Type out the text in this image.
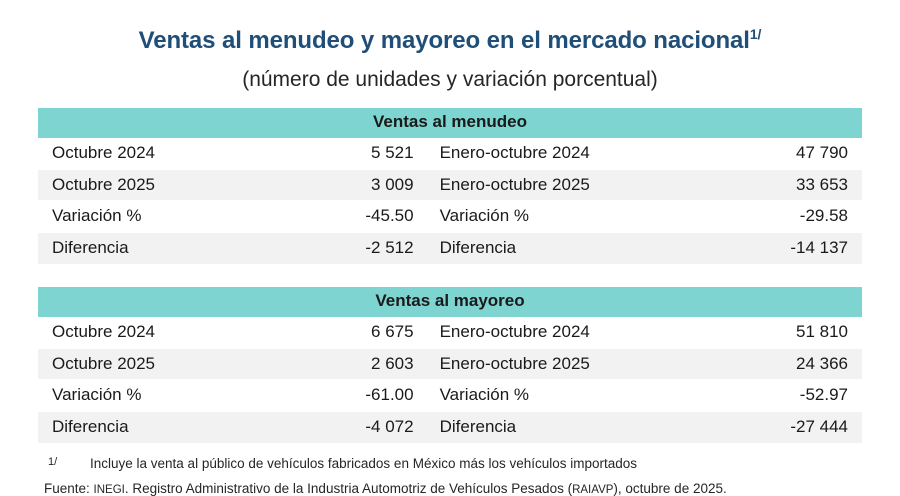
Ventas al menudeo y mayoreo en el mercado nacional$^{1/}$
(número de unidades y variación porcentual)
Ventas al menudeo
Octubre 2024	5 521	Enero-octubre 2024	47 790
Octubre 2025	3 009	Enero-octubre 2025	33 653
Variación %	-45.50	Variación %	-29.58
Diferencia	-2 512	Diferencia	-14 137
Ventas al mayoreo
Octubre 2024	6 675	Enero-octubre 2024	51 810
Octubre 2025	2 603	Enero-octubre 2025	24 366
Variación %	-61.00	Variación %	-52.97
Diferencia	-4 072	Diferencia	-27 444
1/	Incluye la venta al público de vehículos fabricados en México más los vehículos importados
Fuente: INEGI. Registro Administrativo de la Industria Automotriz de Vehículos Pesados (RAIAVP), octubre de 2025.
